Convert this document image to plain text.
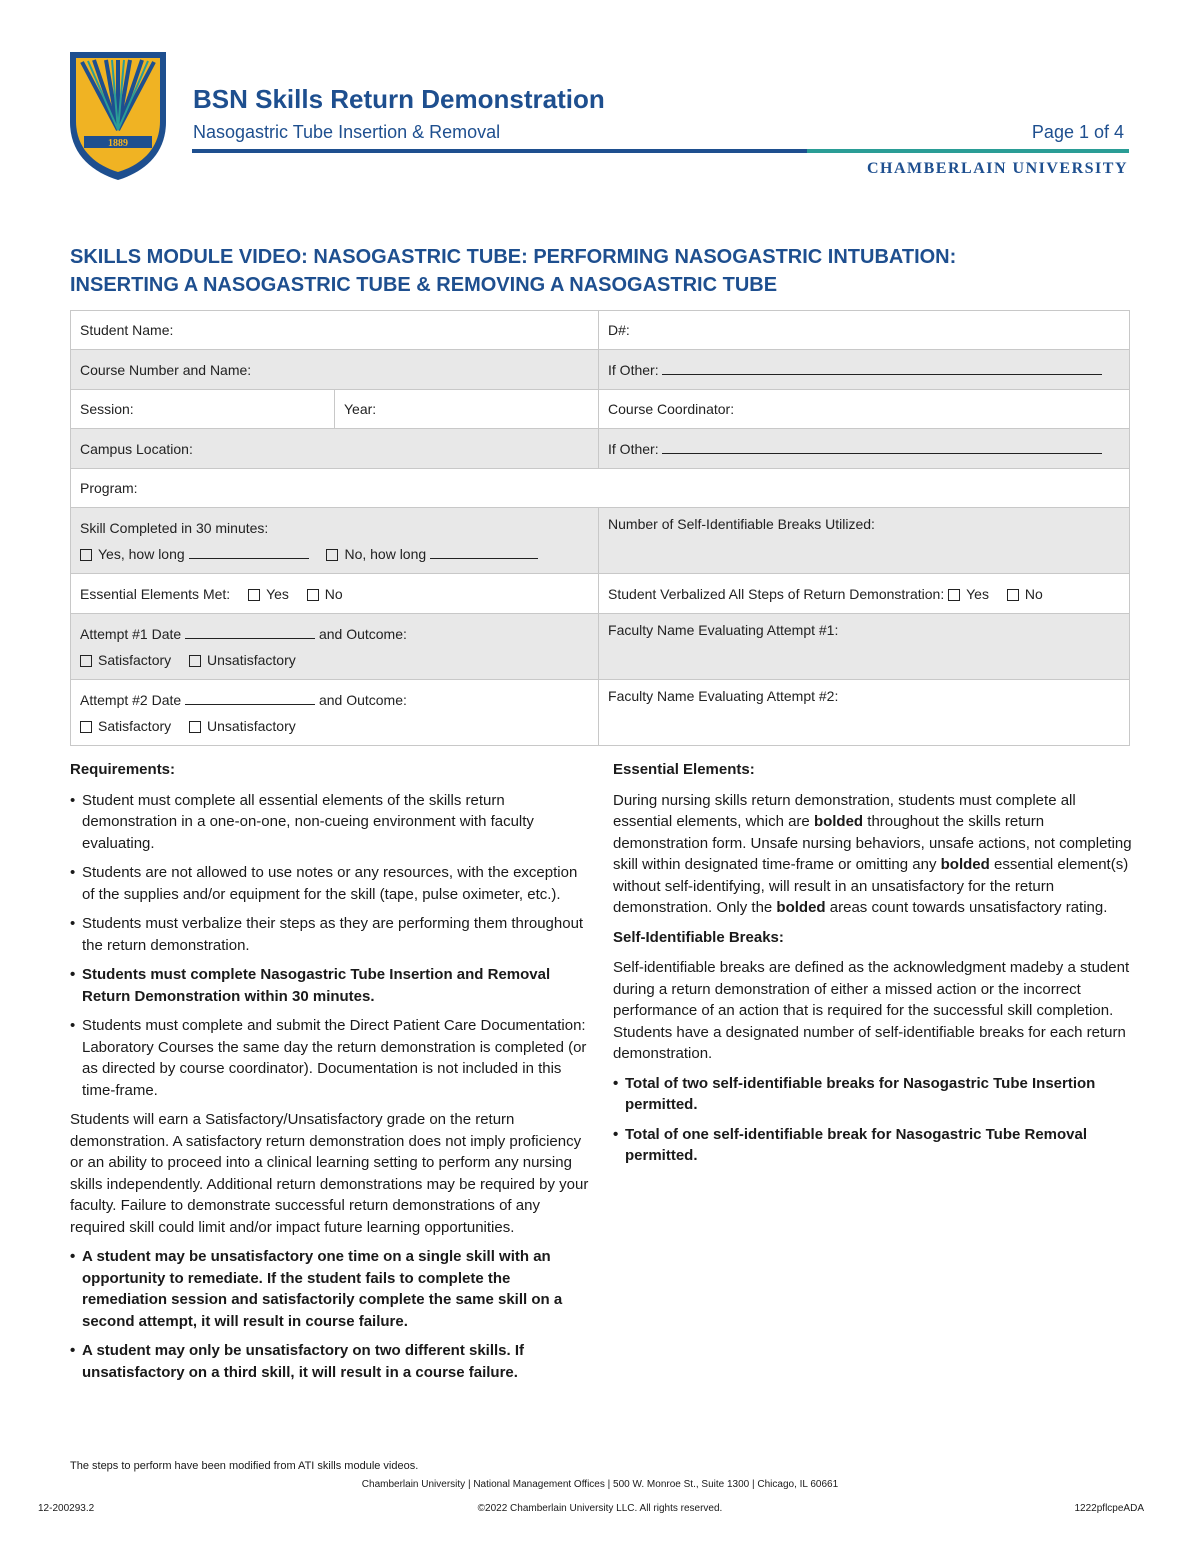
1889
BSN Skills Return Demonstration
Nasogastric Tube Insertion & Removal	Page 1 of 4
CHAMBERLAIN UNIVERSITY
SKILLS MODULE VIDEO: NASOGASTRIC TUBE: PERFORMING NASOGASTRIC INTUBATION:
INSERTING A NASOGASTRIC TUBE & REMOVING A NASOGASTRIC TUBE
Student Name:		D#:
Course Number and Name:		If Other:
Session:	Year:	Course Coordinator:
Campus Location:		If Other:
Program:		

Skill Completed in 30 minutes:
Yes, how long No, how long		Number of Self-Identifiable Breaks Utilized:
Essential Elements Met: Yes No		Student Verbalized All Steps of Return Demonstration: Yes No

Attempt #1 Date and Outcome:
Satisfactory Unsatisfactory		Faculty Name Evaluating Attempt #1:

Attempt #2 Date and Outcome:
Satisfactory Unsatisfactory		Faculty Name Evaluating Attempt #2:
Requirements:
• Student must complete all essential elements of the skills return demonstration in a one-on-one, non-cueing environment with faculty evaluating.
• Students are not allowed to use notes or any resources, with the exception of the supplies and/or equipment for the skill (tape, pulse oximeter, etc.).
• Students must verbalize their steps as they are performing them throughout the return demonstration.
• Students must complete Nasogastric Tube Insertion and Removal Return Demonstration within 30 minutes.
• Students must complete and submit the Direct Patient Care Documentation: Laboratory Courses the same day the return demonstration is completed (or as directed by course coordinator). Documentation is not included in this time-frame.
Students will earn a Satisfactory/Unsatisfactory grade on the return demonstration. A satisfactory return demonstration does not imply proficiency or an ability to proceed into a clinical learning setting to perform any nursing skills independently. Additional return demonstrations may be required by your faculty. Failure to demonstrate successful return demonstrations of any required skill could limit and/or impact future learning opportunities.
• A student may be unsatisfactory one time on a single skill with an opportunity to remediate. If the student fails to complete the remediation session and satisfactorily complete the same skill on a second attempt, it will result in course failure.
• A student may only be unsatisfactory on two different skills. If unsatisfactory on a third skill, it will result in a course failure.
Essential Elements:
During nursing skills return demonstration, students must complete all essential elements, which are bolded throughout the skills return demonstration form. Unsafe nursing behaviors, unsafe actions, not completing skill within designated time-frame or omitting any bolded essential element(s) without self-identifying, will result in an unsatisfactory for the return demonstration. Only the bolded areas count towards unsatisfactory rating.
Self-Identifiable Breaks:
Self-identifiable breaks are defined as the acknowledgment madeby a student during a return demonstration of either a missed action or the incorrect performance of an action that is required for the successful skill completion. Students have a designated number of self-identifiable breaks for each return demonstration.
• Total of two self-identifiable breaks for Nasogastric Tube Insertion permitted.
• Total of one self-identifiable break for Nasogastric Tube Removal permitted.
The steps to perform have been modified from ATI skills module videos.
Chamberlain University | National Management Offices | 500 W. Monroe St., Suite 1300 | Chicago, IL 60661
12-200293.2	©2022 Chamberlain University LLC. All rights reserved.	1222pflcpeADA
